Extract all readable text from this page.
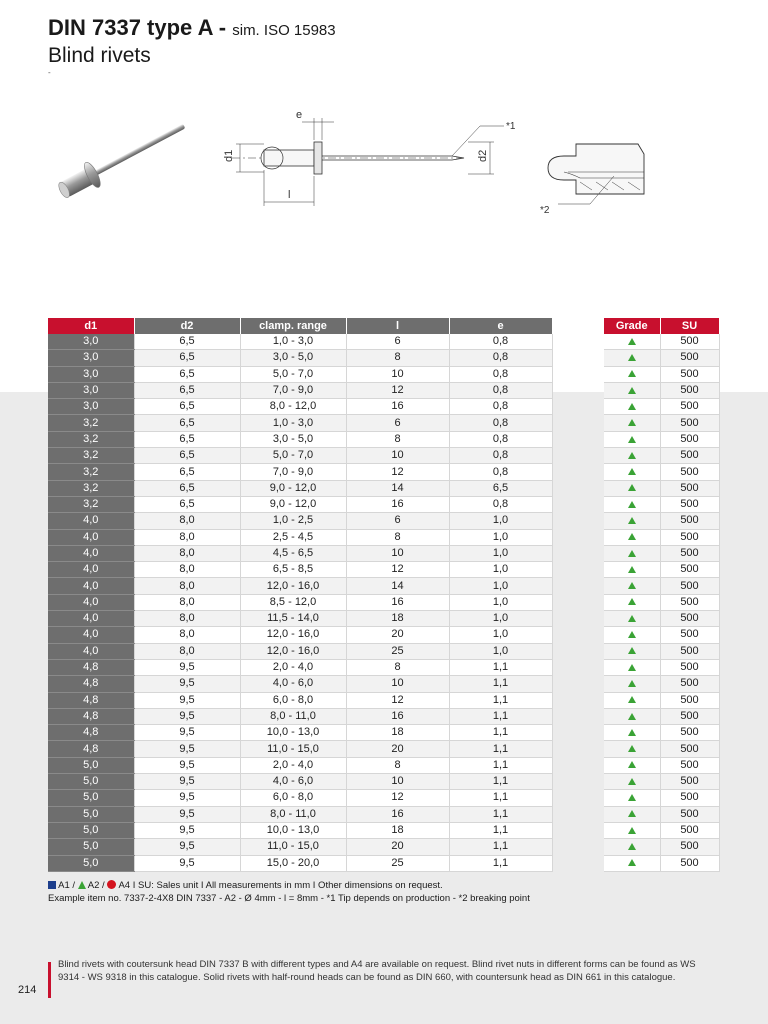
DIN 7337 type A - sim. ISO 15983
Blind rivets
-
e
d1	d2
l
*1
*2
d1	d2	clamp. range	l	e
3,0	6,5	1,0 - 3,0	6	0,8
3,0	6,5	3,0 - 5,0	8	0,8
3,0	6,5	5,0 - 7,0	10	0,8
3,0	6,5	7,0 - 9,0	12	0,8
3,0	6,5	8,0 - 12,0	16	0,8
3,2	6,5	1,0 - 3,0	6	0,8
3,2	6,5	3,0 - 5,0	8	0,8
3,2	6,5	5,0 - 7,0	10	0,8
3,2	6,5	7,0 - 9,0	12	0,8
3,2	6,5	9,0 - 12,0	14	6,5
3,2	6,5	9,0 - 12,0	16	0,8
4,0	8,0	1,0 - 2,5	6	1,0
4,0	8,0	2,5 - 4,5	8	1,0
4,0	8,0	4,5 - 6,5	10	1,0
4,0	8,0	6,5 - 8,5	12	1,0
4,0	8,0	12,0 - 16,0	14	1,0
4,0	8,0	8,5 - 12,0	16	1,0
4,0	8,0	11,5 - 14,0	18	1,0
4,0	8,0	12,0 - 16,0	20	1,0
4,0	8,0	12,0 - 16,0	25	1,0
4,8	9,5	2,0 - 4,0	8	1,1
4,8	9,5	4,0 - 6,0	10	1,1
4,8	9,5	6,0 - 8,0	12	1,1
4,8	9,5	8,0 - 11,0	16	1,1
4,8	9,5	10,0 - 13,0	18	1,1
4,8	9,5	11,0 - 15,0	20	1,1
5,0	9,5	2,0 - 4,0	8	1,1
5,0	9,5	4,0 - 6,0	10	1,1
5,0	9,5	6,0 - 8,0	12	1,1
5,0	9,5	8,0 - 11,0	16	1,1
5,0	9,5	10,0 - 13,0	18	1,1
5,0	9,5	11,0 - 15,0	20	1,1
5,0	9,5	15,0 - 20,0	25	1,1
Grade	SU
	500
	500
	500
	500
	500
	500
	500
	500
	500
	500
	500
	500
	500
	500
	500
	500
	500
	500
	500
	500
	500
	500
	500
	500
	500
	500
	500
	500
	500
	500
	500
	500
	500
A1 /  A2 /  A4 I SU: Sales unit I All measurements in mm I Other dimensions on request.
Example item no. 7337-2-4X8 DIN 7337 - A2 - Ø 4mm - l = 8mm - *1 Tip depends on production - *2 breaking point
Blind rivets with coutersunk head DIN 7337 B with different types and A4 are available on request. Blind rivet nuts in different forms can be found as WS 9314 - WS 9318 in this catalogue. Solid rivets with half-round heads can be found as DIN 660, with countersunk head as DIN 661 in this catalogue.
214
